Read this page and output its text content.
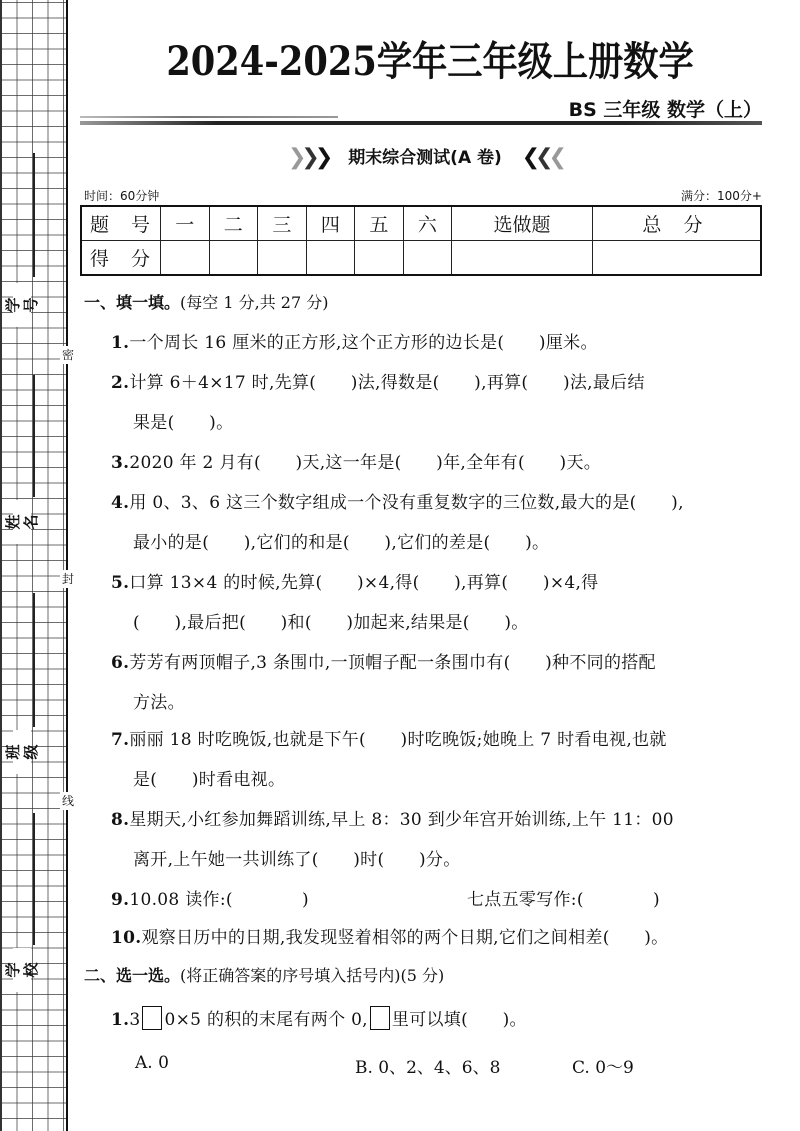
学号
姓名
班级
学校
密
封
线
2024-2025学年三年级上册数学
BS 三年级 数学（上）
❯❯❯ 期末综合测试(A 卷) ❮❮❮
时间：60分钟	满分：100分+
题 号	一	二	三	四	五	六	选做题	总 分
得 分								
一、填一填。(每空 1 分,共 27 分)
1.一个周长 16 厘米的正方形,这个正方形的边长是(　　)厘米。
2.计算 6＋4×17 时,先算(　　)法,得数是(　　),再算(　　)法,最后结
果是(　　)。
3.2020 年 2 月有(　　)天,这一年是(　　)年,全年有(　　)天。
4.用 0、3、6 这三个数字组成一个没有重复数字的三位数,最大的是(　　),
最小的是(　　),它们的和是(　　),它们的差是(　　)。
5.口算 13×4 的时候,先算(　　)×4,得(　　),再算(　　)×4,得
(　　),最后把(　　)和(　　)加起来,结果是(　　)。
6.芳芳有两顶帽子,3 条围巾,一顶帽子配一条围巾有(　　)种不同的搭配
方法。
7.丽丽 18 时吃晚饭,也就是下午(　　)时吃晚饭;她晚上 7 时看电视,也就
是(　　)时看电视。
8.星期天,小红参加舞蹈训练,早上 8：30 到少年宫开始训练,上午 11：00
离开,上午她一共训练了(　　)时(　　)分。
9.10.08 读作:(　　　　)	七点五零写作:(　　　　)
10.观察日历中的日期,我发现竖着相邻的两个日期,它们之间相差(　　)。
二、选一选。(将正确答案的序号填入括号内)(5 分)
1.3 0×5 的积的末尾有两个 0, 里可以填(　　)。
A. 0	B. 0、2、4、6、8	C. 0～9
